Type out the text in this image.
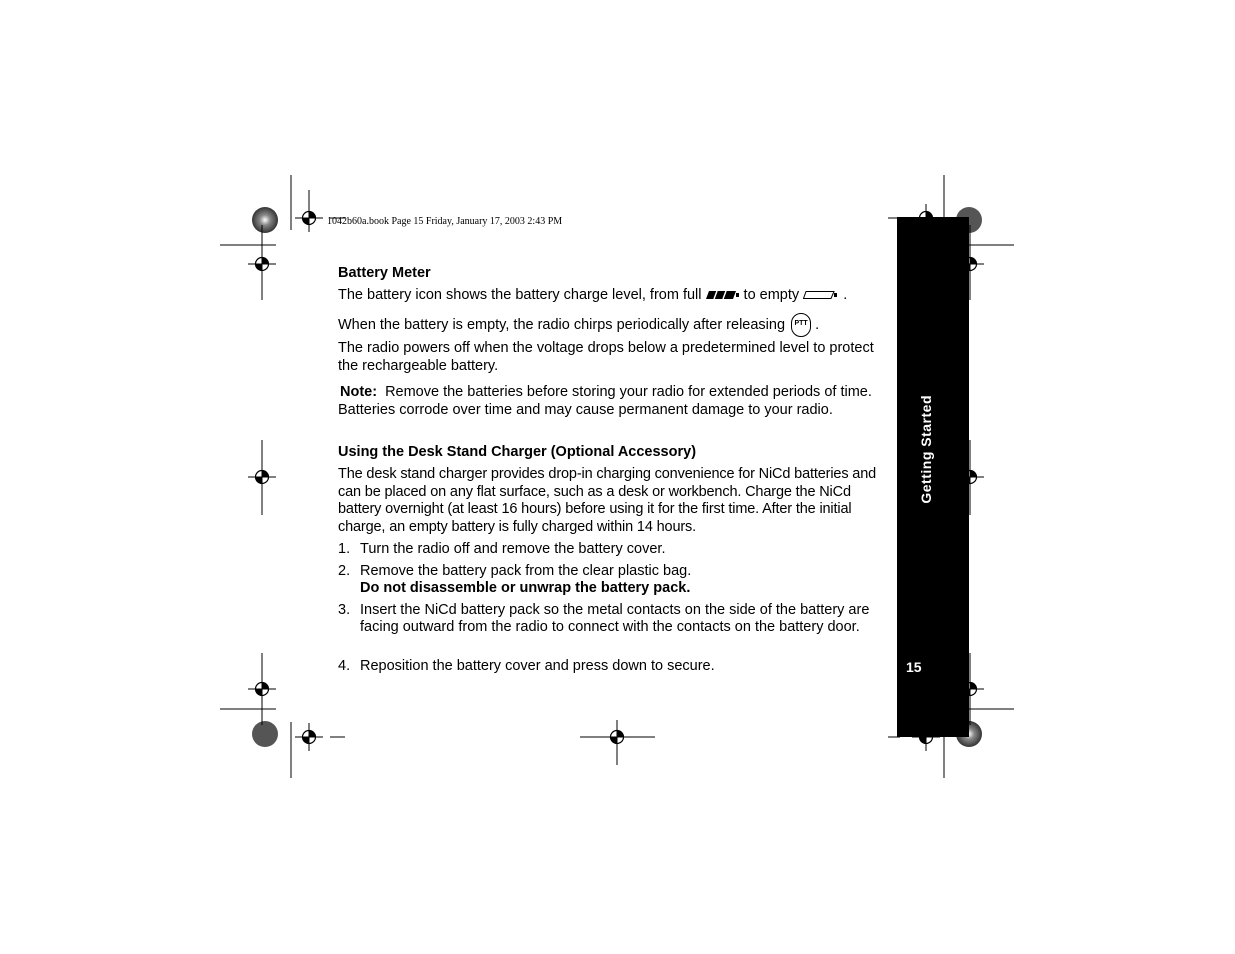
1042b60a.book Page 15 Friday, January 17, 2003 2:43 PM
Getting Started
15
Battery Meter
The battery icon shows the battery charge level, from full	to empty	.
When the battery is empty, the radio chirps periodically after releasing	PTT .
The radio powers off when the voltage drops below a predetermined level to protect the rechargeable battery.
Note: Remove the batteries before storing your radio for extended periods of time. Batteries corrode over time and may cause permanent damage to your radio.
Using the Desk Stand Charger (Optional Accessory)
The desk stand charger provides drop-in charging convenience for NiCd batteries and can be placed on any flat surface, such as a desk or workbench. Charge the NiCd battery overnight (at least 16 hours) before using it for the first time. After the initial charge, an empty battery is fully charged within 14 hours.
1. Turn the radio off and remove the battery cover.
2. Remove the battery pack from the clear plastic bag.
Do not disassemble or unwrap the battery pack.
3. Insert the NiCd battery pack so the metal contacts on the side of the battery are facing outward from the radio to connect with the contacts on the battery door.
4. Reposition the battery cover and press down to secure.
